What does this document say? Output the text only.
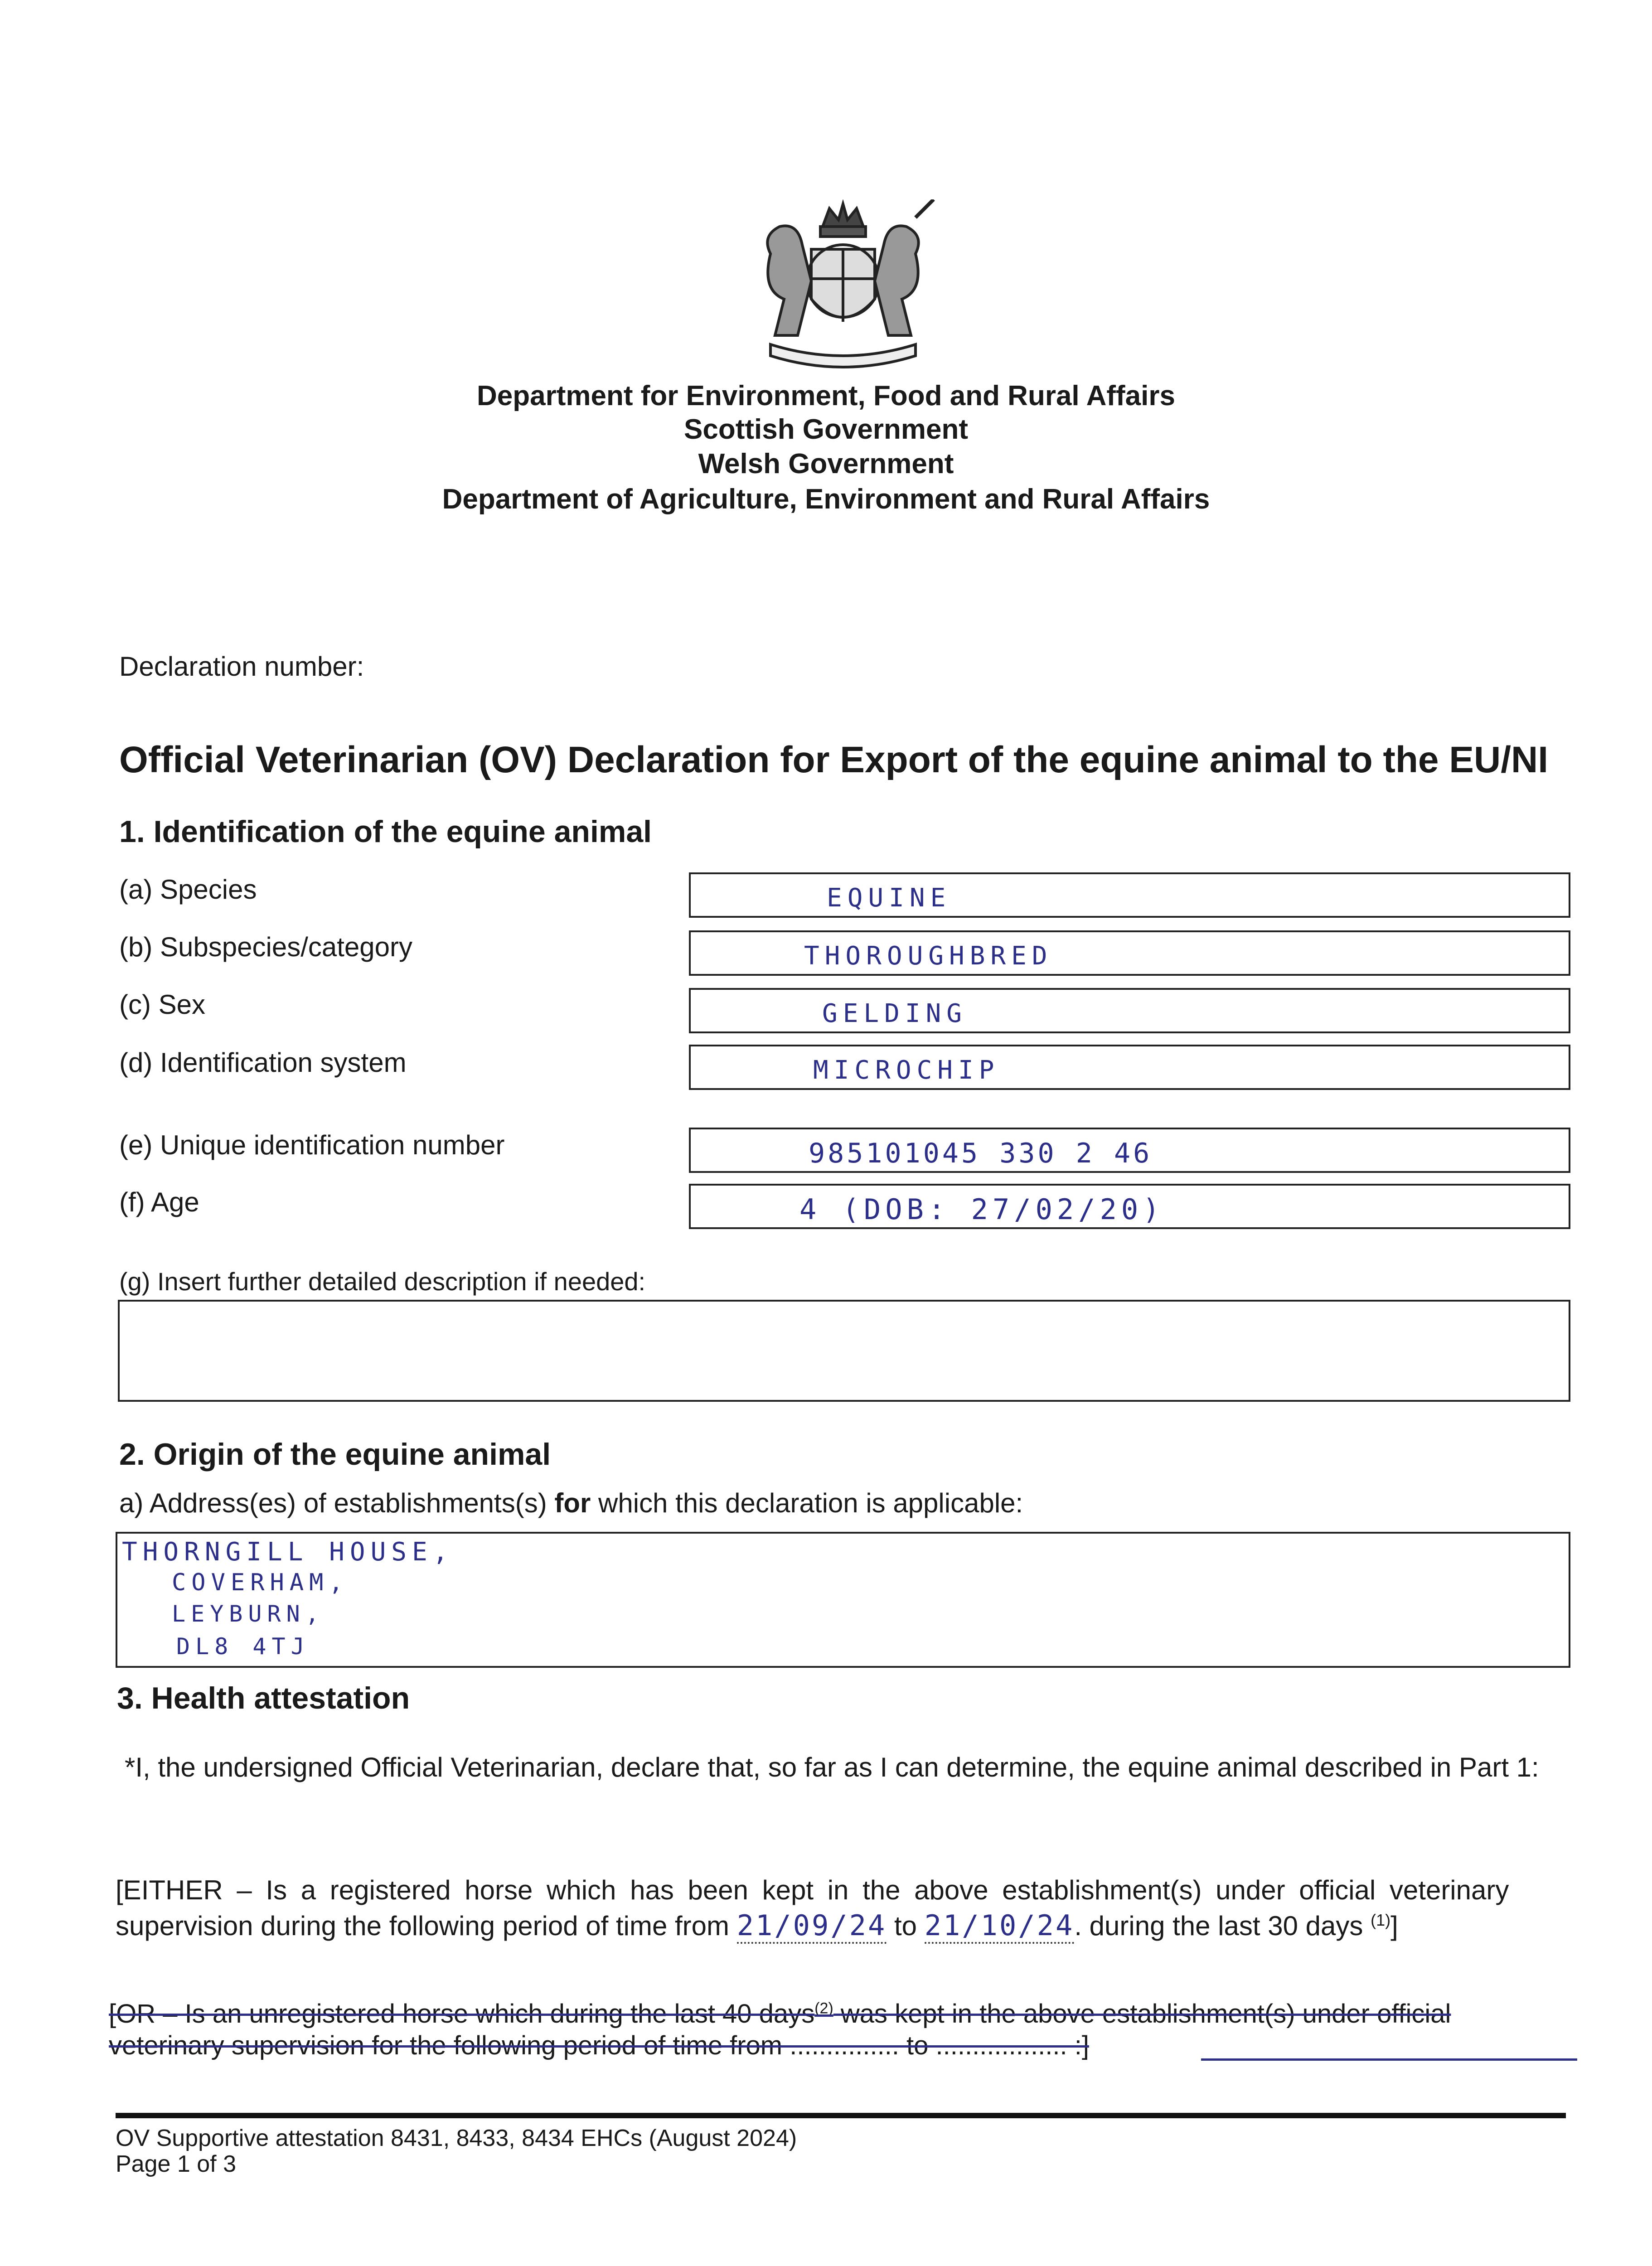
Department for Environment, Food and Rural Affairs
Scottish Government
Welsh Government
Department of Agriculture, Environment and Rural Affairs
Declaration number:
Official Veterinarian (OV) Declaration for Export of the equine animal to the EU/NI
1. Identification of the equine animal
(a) Species	EQUINE
(b) Subspecies/category	THOROUGHBRED
(c) Sex	GELDING
(d) Identification system	MICROCHIP
(e) Unique identification number	985101045 330 2 46
(f) Age	4 (DOB: 27/02/20)
(g) Insert further detailed description if needed:
2. Origin of the equine animal
a) Address(es) of establishments(s) for which this declaration is applicable:
THORNGILL HOUSE,
COVERHAM,
LEYBURN,
DL8 4TJ
3. Health attestation
*I, the undersigned Official Veterinarian, declare that, so far as I can determine, the equine animal described in Part 1:
[EITHER – Is a registered horse which has been kept in the above establishment(s) under official veterinary
supervision during the following period of time from 21/09/24 to 21/10/24. during the last 30 days $^{(1)}$]
[OR – Is an unregistered horse which during the last 40 days$^{(2)}$ was kept in the above establishment(s) under official
veterinary supervision for the following period of time from ............... to .................. :]
OV Supportive attestation 8431, 8433, 8434 EHCs (August 2024)
Page 1 of 3
